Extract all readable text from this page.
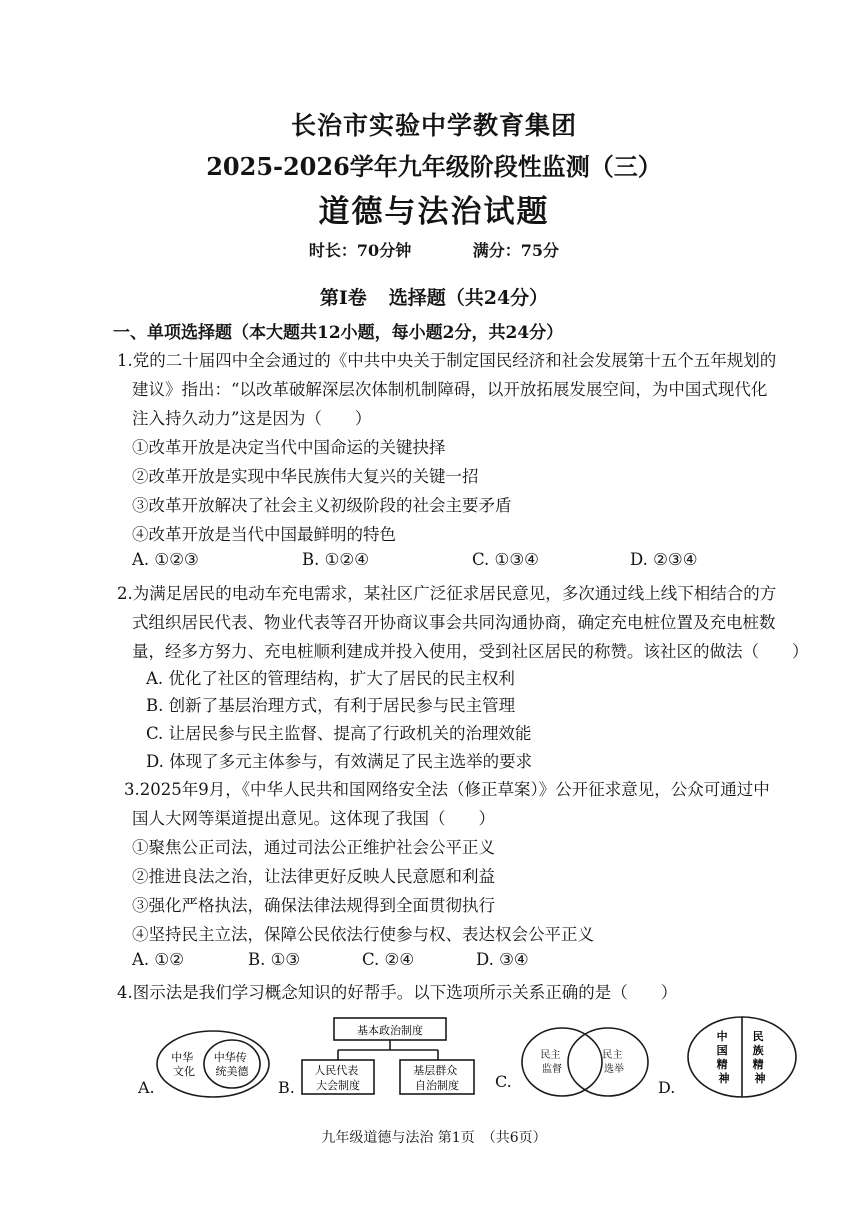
长治市实验中学教育集团
2025-2026学年九年级阶段性监测（三）
道德与法治试题
时长：70分钟	满分：75分
第Ⅰ卷 选择题（共24分）
一、单项选择题（本大题共12小题，每小题2分，共24分）
1.党的二十届四中全会通过的《中共中央关于制定国民经济和社会发展第十五个五年规划的
建议》指出：“以改革破解深层次体制机制障碍，以开放拓展发展空间，为中国式现代化
注入持久动力”这是因为（　　）
①改革开放是决定当代中国命运的关键抉择
②改革开放是实现中华民族伟大复兴的关键一招
③改革开放解决了社会主义初级阶段的社会主要矛盾
④改革开放是当代中国最鲜明的特色
A. ①②③	B. ①②④	C. ①③④	D. ②③④
2.为满足居民的电动车充电需求，某社区广泛征求居民意见，多次通过线上线下相结合的方
式组织居民代表、物业代表等召开协商议事会共同沟通协商，确定充电桩位置及充电桩数
量，经多方努力、充电桩顺利建成并投入使用，受到社区居民的称赞。该社区的做法（　　）
A. 优化了社区的管理结构，扩大了居民的民主权利
B. 创新了基层治理方式，有利于居民参与民主管理
C. 让居民参与民主监督、提高了行政机关的治理效能
D. 体现了多元主体参与，有效满足了民主选举的要求
3.2025年9月，《中华人民共和国网络安全法（修正草案）》公开征求意见，公众可通过中
国人大网等渠道提出意见。这体现了我国（　　）
①聚焦公正司法，通过司法公正维护社会公平正义
②推进良法之治，让法律更好反映人民意愿和利益
③强化严格执法，确保法律法规得到全面贯彻执行
④坚持民主立法，保障公民依法行使参与权、表达权会公平正义
A. ①②	B. ①③	C. ②④	D. ③④
4.图示法是我们学习概念知识的好帮手。以下选项所示关系正确的是（　　）
A.
中华 文化
中华传 统美德
B.
基本政治制度
人民代表 大会制度
基层群众 自治制度 C.
民主 监督
民主 选举
D.
中 国 精 神
民 族 精 神
九年级道德与法治 第1页　（共6页）
